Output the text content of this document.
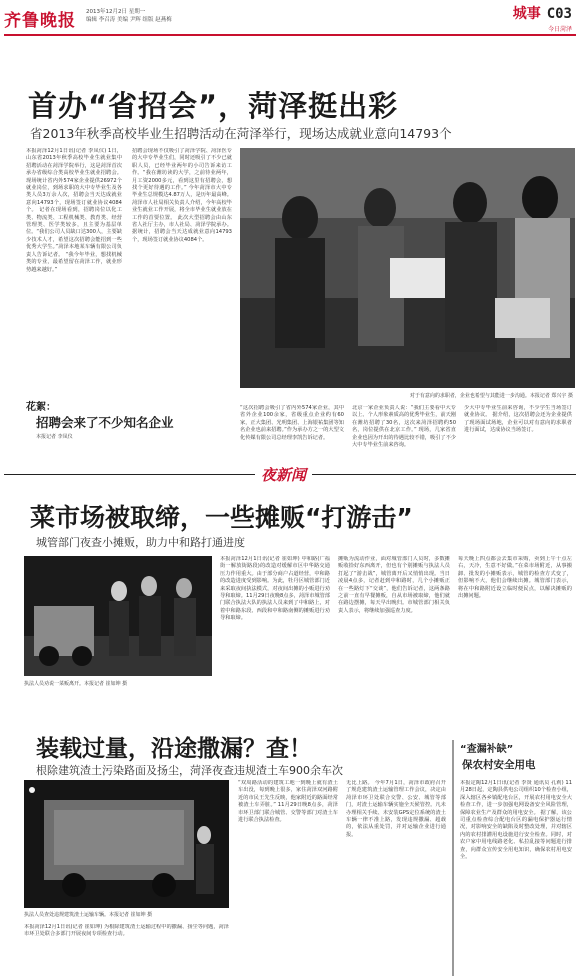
齐鲁晚报 2013年12月2日 星期一
编辑 李召涛 美编 尹辉 组版 赵燕梅	城事 C03
今日菏泽
首办“省招会”，菏泽挺出彩
省2013年秋季高校毕业生招聘活动在菏泽举行，现场达成就业意向14793个
本报菏泽12月1日讯(记者 李凤仪) 1日，山东省2013年秋季高校毕业生就业集中招聘活动在菏泽学院举行，这是菏泽首次承办省级综合类高校毕业生就业招聘会。现场统计省内外574家企业提供26972个就业岗位，到场求职的大中专毕业生及各类人员3万余人次，招聘会当天达成就业意向14793个，现场签订就业协议4084个。 记者在现场看到，招聘岗位以化工类、物流类、工程机械类、教育类、经营管理类、医学类较多，且主要为基层单位。“我们公司人员缺口达300人，主要缺少技术人才，希望这次招聘会能招到一些优秀大学生。”菏泽本地某车辆有限公司负责人告诉记者。 “我今年毕业，想找机械类的专业，最希望留在菏泽工作，就业形势越来越好。”
招聘会现场不仅吸引了菏泽学院、菏泽医专的大中专毕业生们，同时还吸引了不少已就职人员，已经毕业两年的小司告诉来访工作。“我在潍坊读的大学，之前待业两年，月工资2000多元，看到这里有招聘会，想找个更好待遇的工作。” 今年菏泽市大中专毕业生总规模达4.87万人，是历年最高峰。菏泽市人社局相关负责人介绍，今年高校毕业生就业工作开展，将全市毕业生就业放在工作的首要位置。 此次大型招聘会由山东省人社厅主办，市人社局、菏泽学院承办。据统计，招聘会当天达成就业意向14793个，现场签订就业协议4084个。
对于有意向的求职者，企业也希望与其能进一步沟通。本报记者 郑兴宇 摄
“这次招聘会吸引了省内外574家企业，其中省外企业100余家，省级重点企业约有60家，正大集团、光明集团、上海银祐集团等知名企业也前来招聘。”作为承办方之一的大型文化传媒有限公司总经理李凯告诉记者。
北京一家企业负责人说：“我们主要看中大专以上、个人形象素质高的优秀毕业生，前天刚在潍坊招聘了30名，这次来菏泽招聘约50名，岗位提供在北京工作。” 现场，几家省直企业也因为开出的待遇比较不错，吸引了不少大中专毕业生前来咨询。
少大中专毕业生前来咨询，不少学生当场签订就业协议。 据介绍，这次招聘会还为企业提供了现场面试场地，企业可以对有意向的求职者进行面试，达成协议当场签订。
花絮：
招聘会来了不少知名企业
本报记者 李凤仪
夜新闻
菜市场被取缔，一些摊贩“打游击”
城管部门夜查小摊贩，助力中和路打通进度
执法人员劝说一菜贩离开。本报记者 崔如坤 摄
本报菏泽12月1日讯(记者 崔如坤) 中和路(广福街一解放街路段)的改造对缓解市区中华路交通压力作用重大。由于部分商户占道经营，中和路的改造进度受到影响。为此，牡丹区城管部门近来采取夜间执法模式，对夜间出摊的小贩进行劝导和取缔。11月29日夜晚8点多，菏泽市城管部门联合执法大队的执法人员来到了中和路上，对着中和路东段、西段和中和路南侧的摊贩进行劝导和取缔。
摊贩为流动作业，面对城管部门人员时，多数摊贩收拾好东西离开，但也有个别摊贩与执法人员打起了“游击战”，城管离开后又悄悄出现。当日凌晨4点多，记者赶到中和路时，几个小摊贩正在一些路灯下“交谈”，他们告诉记者，这两条路之前一直有早餐摊贩，自从市场被取缔，他们就在路边摆摊，每天早出晚归。市城管部门相关负责人表示，将继续加强巡查力度。
每天晚上四点都会去集市采购，卖到上午十点左右，天冷，生意不好做。”在菜市场附近，从事搬卸、批发的小摊贩表示，城管的检查方式变了，但影响不大，他们会继续出摊。城管部门表示，将在中和路附近设立临时便民点，以解决摊贩的出摊问题。
装载过量，沿途撒漏？查！
根除建筑渣土污染路面及扬尘，菏泽夜查违规渣土车900余车次
执法人员查处违规建筑渣土运输车辆。本报记者 崔如坤 摄
本报菏泽12月1日讯(记者 崔如坤) 为根除建筑渣土运输过程中的撒漏、扬尘等问题，菏泽市环卫处联合多部门开展夜间专项检查行动。
“双周路活动的建筑工地一到晚上就有渣土车出没，每到晚上很多，家住菏泽双河路附近的市民王先生反映，他家附近的路面经常被渣土车弄脏。” 11月29日晚8点多，菏泽市环卫部门联合城管、交警等部门对渣土车进行联合执法检查。
无比上路。 今年7月1日，菏泽市政府召开了规范建筑渣土运输管理工作会议，决定由菏泽市环卫处联合交警、公安、城管等部门，对渣土运输车辆实施全天候管控。凡未办理相关手续、未安装GPS定位系统的渣土车辆一律不准上路，发现违规撒漏、超载的，依法从重处罚，并对运输企业进行通报。
“查漏补缺”
保农村安全用电
本报定陶12月1日讯(记者 李贤 通讯员 孔莉) 11月28日起，定陶县供电公司组织10个检查小组，深入辖区各乡镇配电台区，开展农村用电安全大检查工作，进一步加强电网设备安全风险管理，保障农业生产及群众的用电安全。 据了解，该公司重点检查综合配电台区的漏电保护器运行情况，对影响安全的缺陷及时整改处理，并对辖区内的农村排灌用电设施进行安全检查。同时，对农户家中用电线路老化、私拉乱接等问题进行排查，向群众宣传安全用电知识，确保农村用电安全。
